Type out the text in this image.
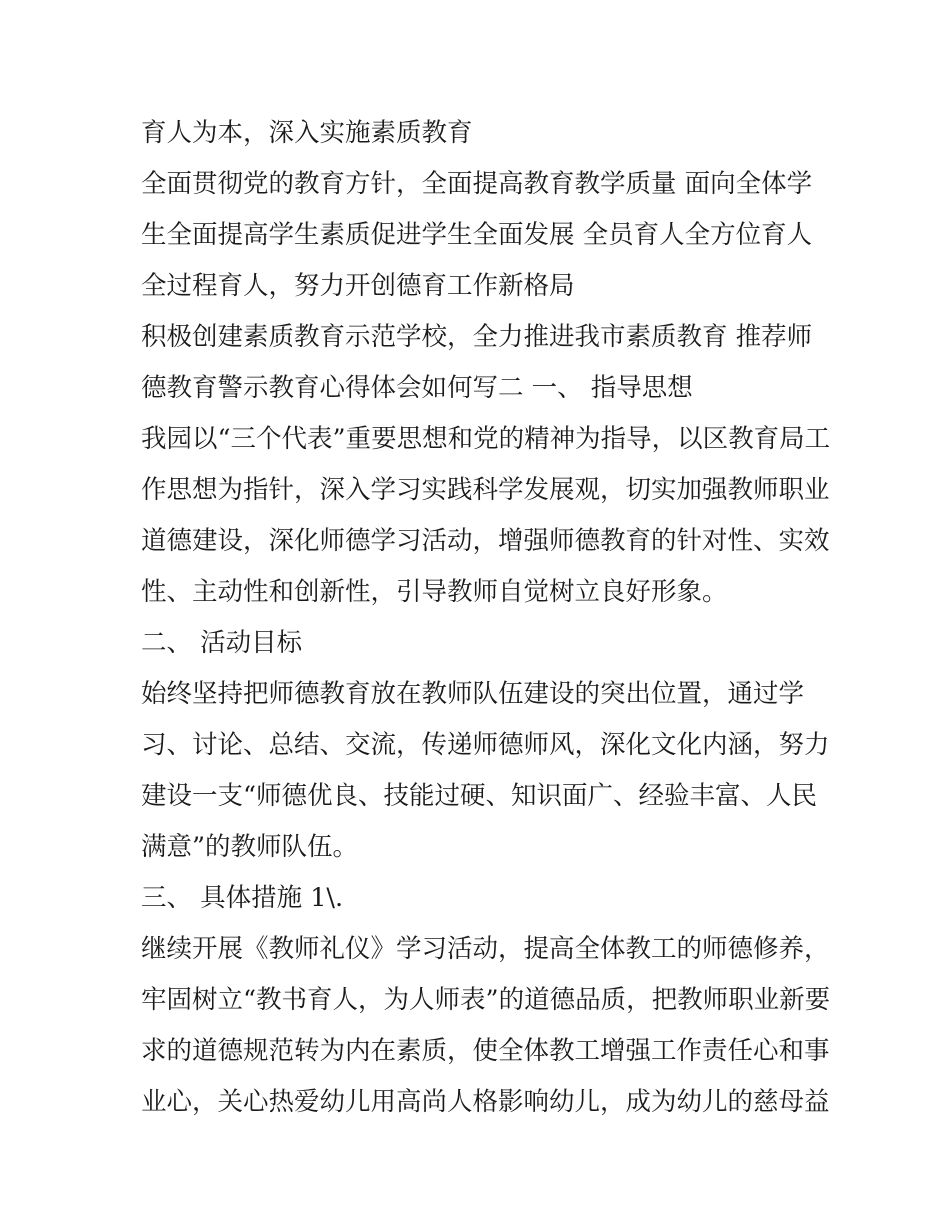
育人为本，深入实施素质教育
全面贯彻党的教育方针，全面提高教育教学质量 面向全体学
生全面提高学生素质促进学生全面发展 全员育人全方位育人
全过程育人，努力开创德育工作新格局
积极创建素质教育示范学校，全力推进我市素质教育 推荐师
德教育警示教育心得体会如何写二 一、 指导思想
我园以“三个代表”重要思想和党的精神为指导，以区教育局工
作思想为指针，深入学习实践科学发展观，切实加强教师职业
道德建设，深化师德学习活动，增强师德教育的针对性、实效
性、主动性和创新性，引导教师自觉树立良好形象。
二、 活动目标
始终坚持把师德教育放在教师队伍建设的突出位置，通过学
习、讨论、总结、交流，传递师德师风，深化文化内涵，努力
建设一支“师德优良、技能过硬、知识面广、经验丰富、人民
满意”的教师队伍。
三、 具体措施 1\.
继续开展《教师礼仪》学习活动，提高全体教工的师德修养，
牢固树立“教书育人，为人师表”的道德品质，把教师职业新要
求的道德规范转为内在素质，使全体教工增强工作责任心和事
业心，关心热爱幼儿用高尚人格影响幼儿，成为幼儿的慈母益
